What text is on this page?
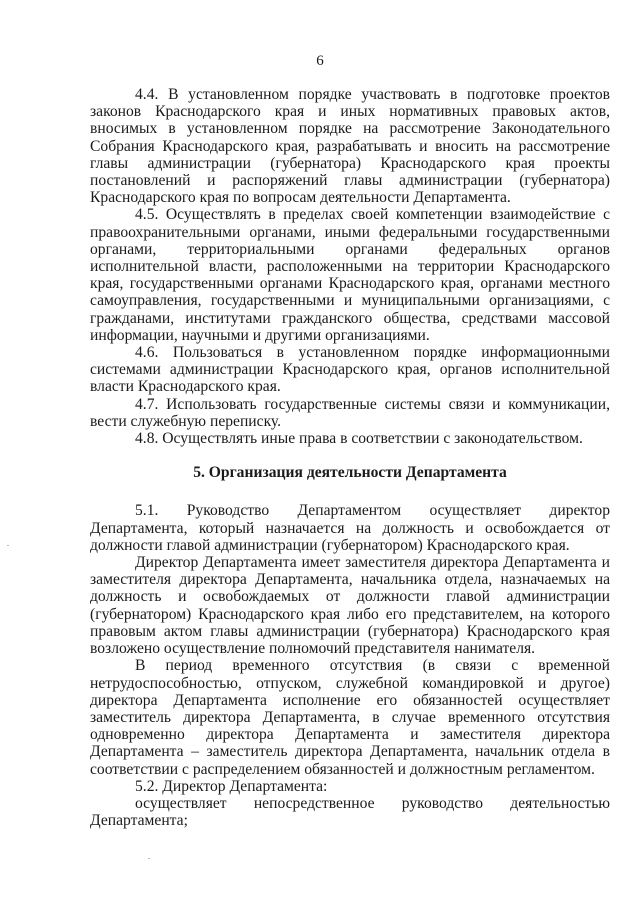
6

4.4. В установленном порядке участвовать в подготовке проектов законов Краснодарского края и иных нормативных правовых актов, вносимых в установленном порядке на рассмотрение Законодательного Собрания Краснодарского края, разрабатывать и вносить на рассмотрение главы администрации (губернатора) Краснодарского края проекты постановлений и распоряжений главы администрации (губернатора) Краснодарского края по вопросам деятельности Департамента.

4.5. Осуществлять в пределах своей компетенции взаимодействие с правоохранительными органами, иными федеральными государственными органами, территориальными органами федеральных органов исполнительной власти, расположенными на территории Краснодарского края, государственными органами Краснодарского края, органами местного самоуправления, государственными и муниципальными организациями, с гражданами, институтами гражданского общества, средствами массовой информации, научными и другими организациями.

4.6. Пользоваться в установленном порядке информационными системами администрации Краснодарского края, органов исполнительной власти Краснодарского края.

4.7. Использовать государственные системы связи и коммуникации, вести служебную переписку.

4.8. Осуществлять иные права в соответствии с законодательством.

5. Организация деятельности Департамента

5.1. Руководство Департаментом осуществляет директор Департамента, который назначается на должность и освобождается от должности главой администрации (губернатором) Краснодарского края.

Директор Департамента имеет заместителя директора Департамента и заместителя директора Департамента, начальника отдела, назначаемых на должность и освобождаемых от должности главой администрации (губернатором) Краснодарского края либо его представителем, на которого правовым актом главы администрации (губернатора) Краснодарского края возложено осуществление полномочий представителя нанимателя.

В период временного отсутствия (в связи с временной нетрудоспособностью, отпуском, служебной командировкой и другое) директора Департамента исполнение его обязанностей осуществляет заместитель директора Департамента, в случае временного отсутствия одновременно директора Департамента и заместителя директора Департамента – заместитель директора Департамента, начальник отдела в соответствии с распределением обязанностей и должностным регламентом.

5.2. Директор Департамента:

осуществляет непосредственное руководство деятельностью Департамента;
